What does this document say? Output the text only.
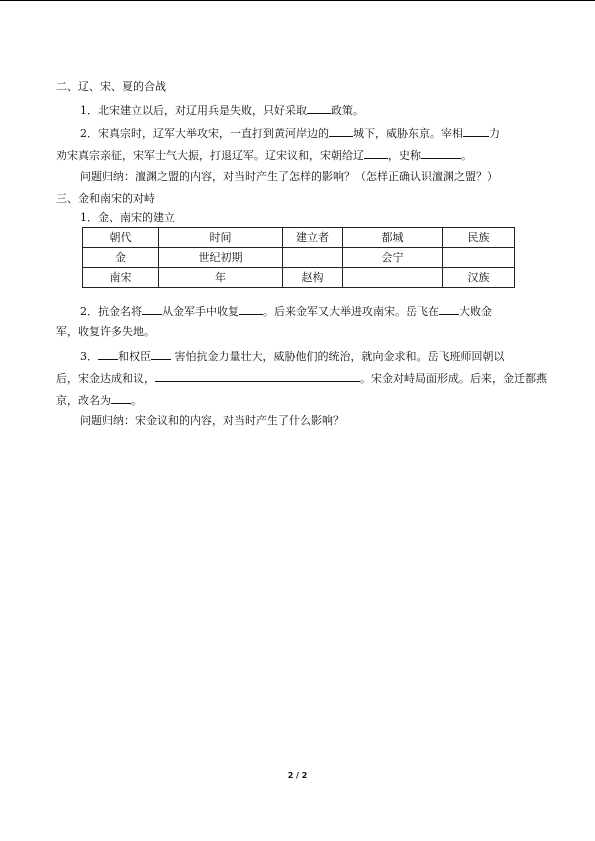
二、辽、宋、夏的合战
1．北宋建立以后，对辽用兵是失败，只好采取 政策。
2．宋真宗时，辽军大举攻宋，一直打到黄河岸边的 城下，威胁东京。宰相 力
劝宋真宗亲征，宋军士气大振，打退辽军。辽宋议和，宋朝给辽 ，史称	。
问题归纳：澶渊之盟的内容，对当时产生了怎样的影响？（怎样正确认识澶渊之盟？）
三、金和南宋的对峙
1．金、南宋的建立
朝代	时间	建立者	都城	民族
金	世纪初期		会宁	
南宋	年	赵构		汉族
2．抗金名将 从金军手中收复 。后来金军又大举进攻南宋。岳飞在 大败金
军，收复许多失地。
3． 和权臣 害怕抗金力量壮大，威胁他们的统治，就向金求和。岳飞班师回朝以
后，宋金达成和议，	。宋金对峙局面形成。后来，金迁都燕
京，改名为 。
问题归纳：宋金议和的内容，对当时产生了什么影响？
2 / 2
